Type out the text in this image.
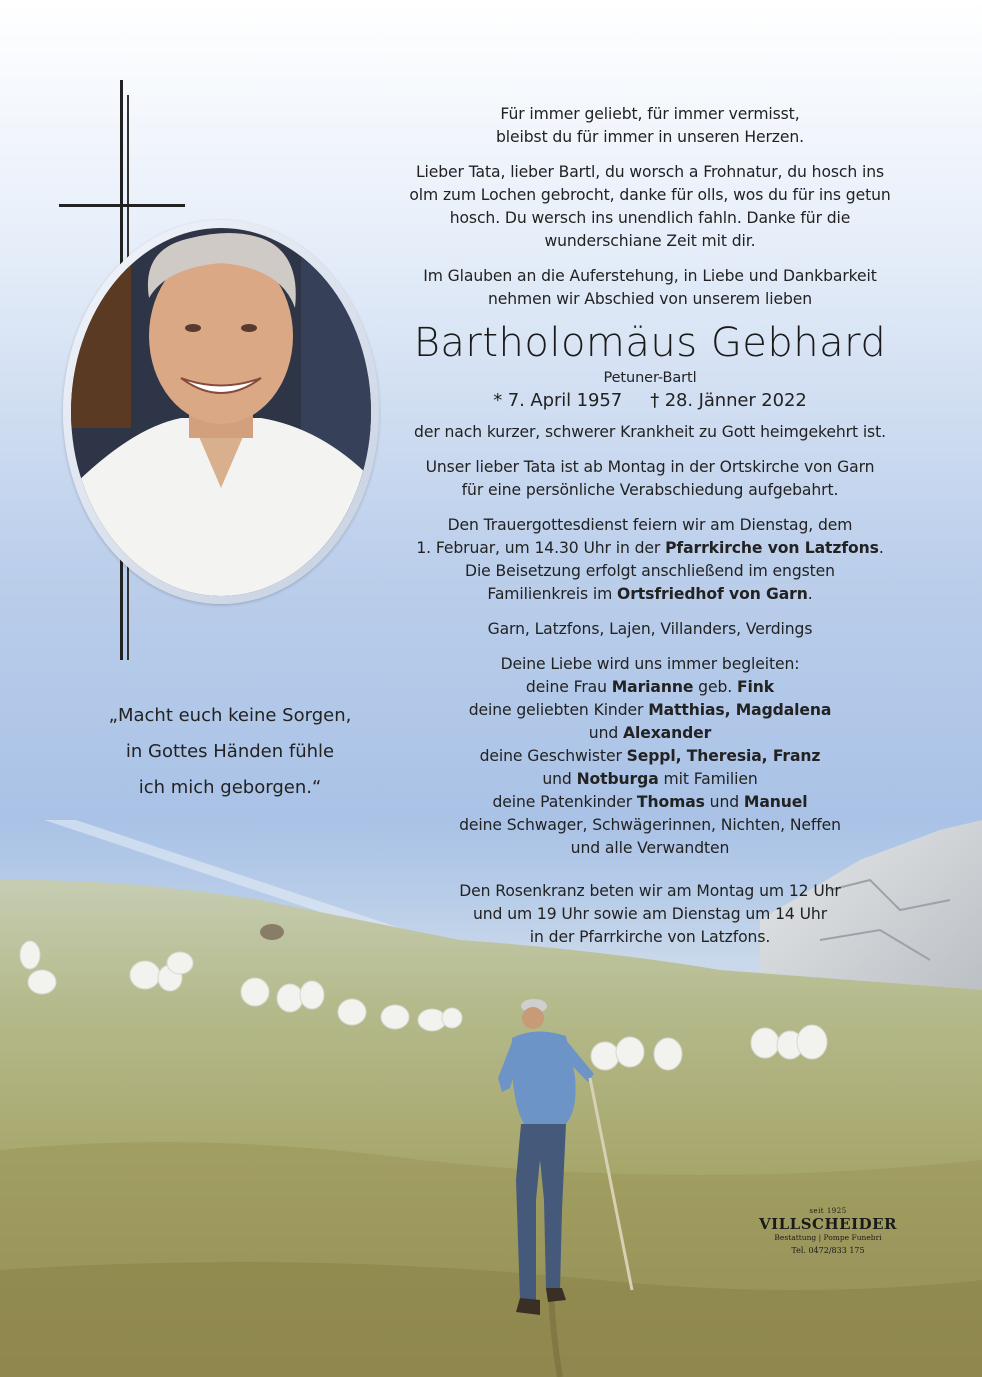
„Macht euch keine Sorgen,
in Gottes Händen fühle
ich mich geborgen.“
Für immer geliebt, für immer vermisst,
bleibst du für immer in unseren Herzen.
Lieber Tata, lieber Bartl, du worsch a Frohnatur, du hosch ins
olm zum Lochen gebrocht, danke für olls, wos du für ins getun
hosch. Du wersch ins unendlich fahln. Danke für die
wunderschiane Zeit mit dir.
Im Glauben an die Auferstehung, in Liebe und Dankbarkeit
nehmen wir Abschied von unserem lieben
Bartholomäus Gebhard
Petuner-Bartl
* 7. April 1957 † 28. Jänner 2022
der nach kurzer, schwerer Krankheit zu Gott heimgekehrt ist.
Unser lieber Tata ist ab Montag in der Ortskirche von Garn
für eine persönliche Verabschiedung aufgebahrt.
Den Trauergottesdienst feiern wir am Dienstag, dem
1. Februar, um 14.30 Uhr in der Pfarrkirche von Latzfons.
Die Beisetzung erfolgt anschließend im engsten
Familienkreis im Ortsfriedhof von Garn.
Garn, Latzfons, Lajen, Villanders, Verdings
Deine Liebe wird uns immer begleiten:
deine Frau Marianne geb. Fink
deine geliebten Kinder Matthias, Magdalena
und Alexander
deine Geschwister Seppl, Theresia, Franz
und Notburga mit Familien
deine Patenkinder Thomas und Manuel
deine Schwager, Schwägerinnen, Nichten, Neffen
und alle Verwandten
Den Rosenkranz beten wir am Montag um 12 Uhr
und um 19 Uhr sowie am Dienstag um 14 Uhr
in der Pfarrkirche von Latzfons.
seit 1925
VILLSCHEIDER
Bestattung | Pompe Funebri
Tel. 0472/833 175
